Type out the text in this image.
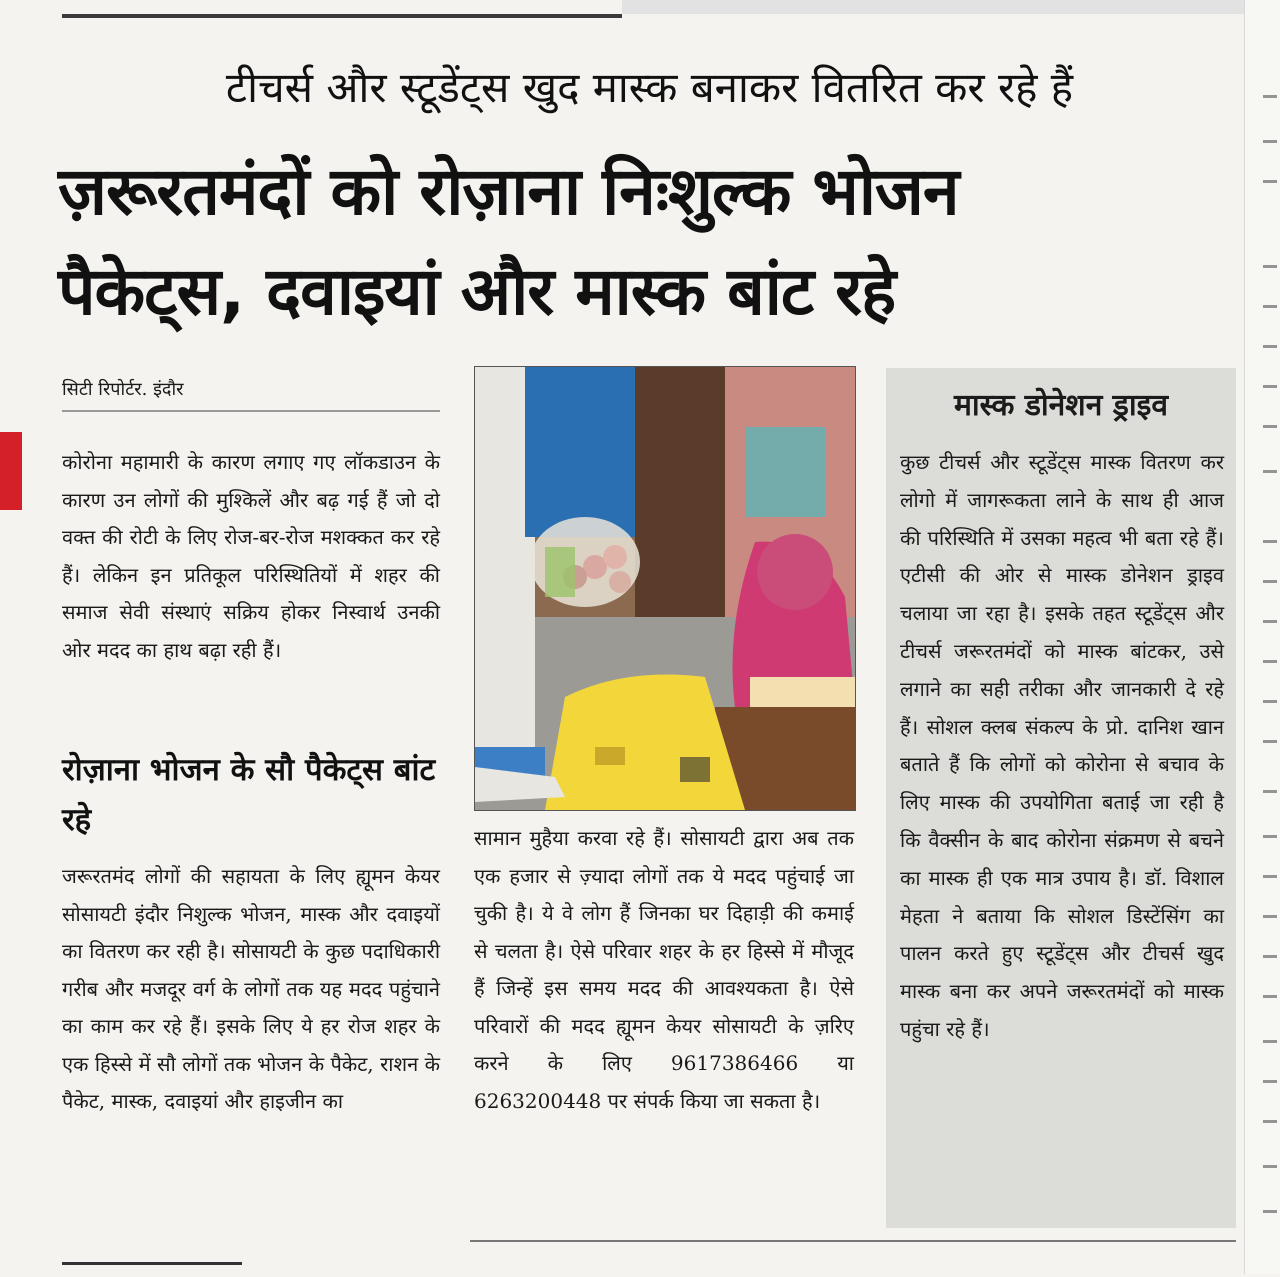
टीचर्स और स्टूडेंट्स खुद मास्क बनाकर वितरित कर रहे हैं
ज़रूरतमंदों को रोज़ाना निःशुल्क भोजन
पैकेट्स, दवाइयां और मास्क बांट रहे
सिटी रिपोर्टर. इंदौर

कोरोना महामारी के कारण लगाए गए लॉकडाउन के कारण उन लोगों की मुश्किलें और बढ़ गई हैं जो दो वक्त की रोटी के लिए रोज-बर-रोज मशक्कत कर रहे हैं। लेकिन इन प्रतिकूल परिस्थितियों में शहर की समाज सेवी संस्थाएं सक्रिय होकर निस्वार्थ उनकी ओर मदद का हाथ बढ़ा रही हैं।

रोज़ाना भोजन के सौ पैकेट्स बांट रहे

जरूरतमंद लोगों की सहायता के लिए ह्यूमन केयर सोसायटी इंदौर निशुल्क भोजन, मास्क और दवाइयों का वितरण कर रही है। सोसायटी के कुछ पदाधिकारी गरीब और मजदूर वर्ग के लोगों तक यह मदद पहुंचाने का काम कर रहे हैं। इसके लिए ये हर रोज शहर के एक हिस्से में सौ लोगों तक भोजन के पैकेट, राशन के पैकेट, मास्क, दवाइयां और हाइजीन का

सामान मुहैया करवा रहे हैं। सोसायटी द्वारा अब तक एक हजार से ज़्यादा लोगों तक ये मदद पहुंचाई जा चुकी है। ये वे लोग हैं जिनका घर दिहाड़ी की कमाई से चलता है। ऐसे परिवार शहर के हर हिस्से में मौजूद हैं जिन्हें इस समय मदद की आवश्यकता है। ऐसे परिवारों की मदद ह्यूमन केयर सोसायटी के ज़रिए करने के लिए 9617386466 या 6263200448 पर संपर्क किया जा सकता है।

मास्क डोनेशन ड्राइव

कुछ टीचर्स और स्टूडेंट्स मास्क वितरण कर लोगो में जागरूकता लाने के साथ ही आज की परिस्थिति में उसका महत्व भी बता रहे हैं। एटीसी की ओर से मास्क डोनेशन ड्राइव चलाया जा रहा है। इसके तहत स्टूडेंट्स और टीचर्स जरूरतमंदों को मास्क बांटकर, उसे लगाने का सही तरीका और जानकारी दे रहे हैं। सोशल क्लब संकल्प के प्रो. दानिश खान बताते हैं कि लोगों को कोरोना से बचाव के लिए मास्क की उपयोगिता बताई जा रही है कि वैक्सीन के बाद कोरोना संक्रमण से बचने का मास्क ही एक मात्र उपाय है। डॉ. विशाल मेहता ने बताया कि सोशल डिस्टेंसिंग का पालन करते हुए स्टूडेंट्स और टीचर्स खुद मास्क बना कर अपने जरूरतमंदों को मास्क पहुंचा रहे हैं।
